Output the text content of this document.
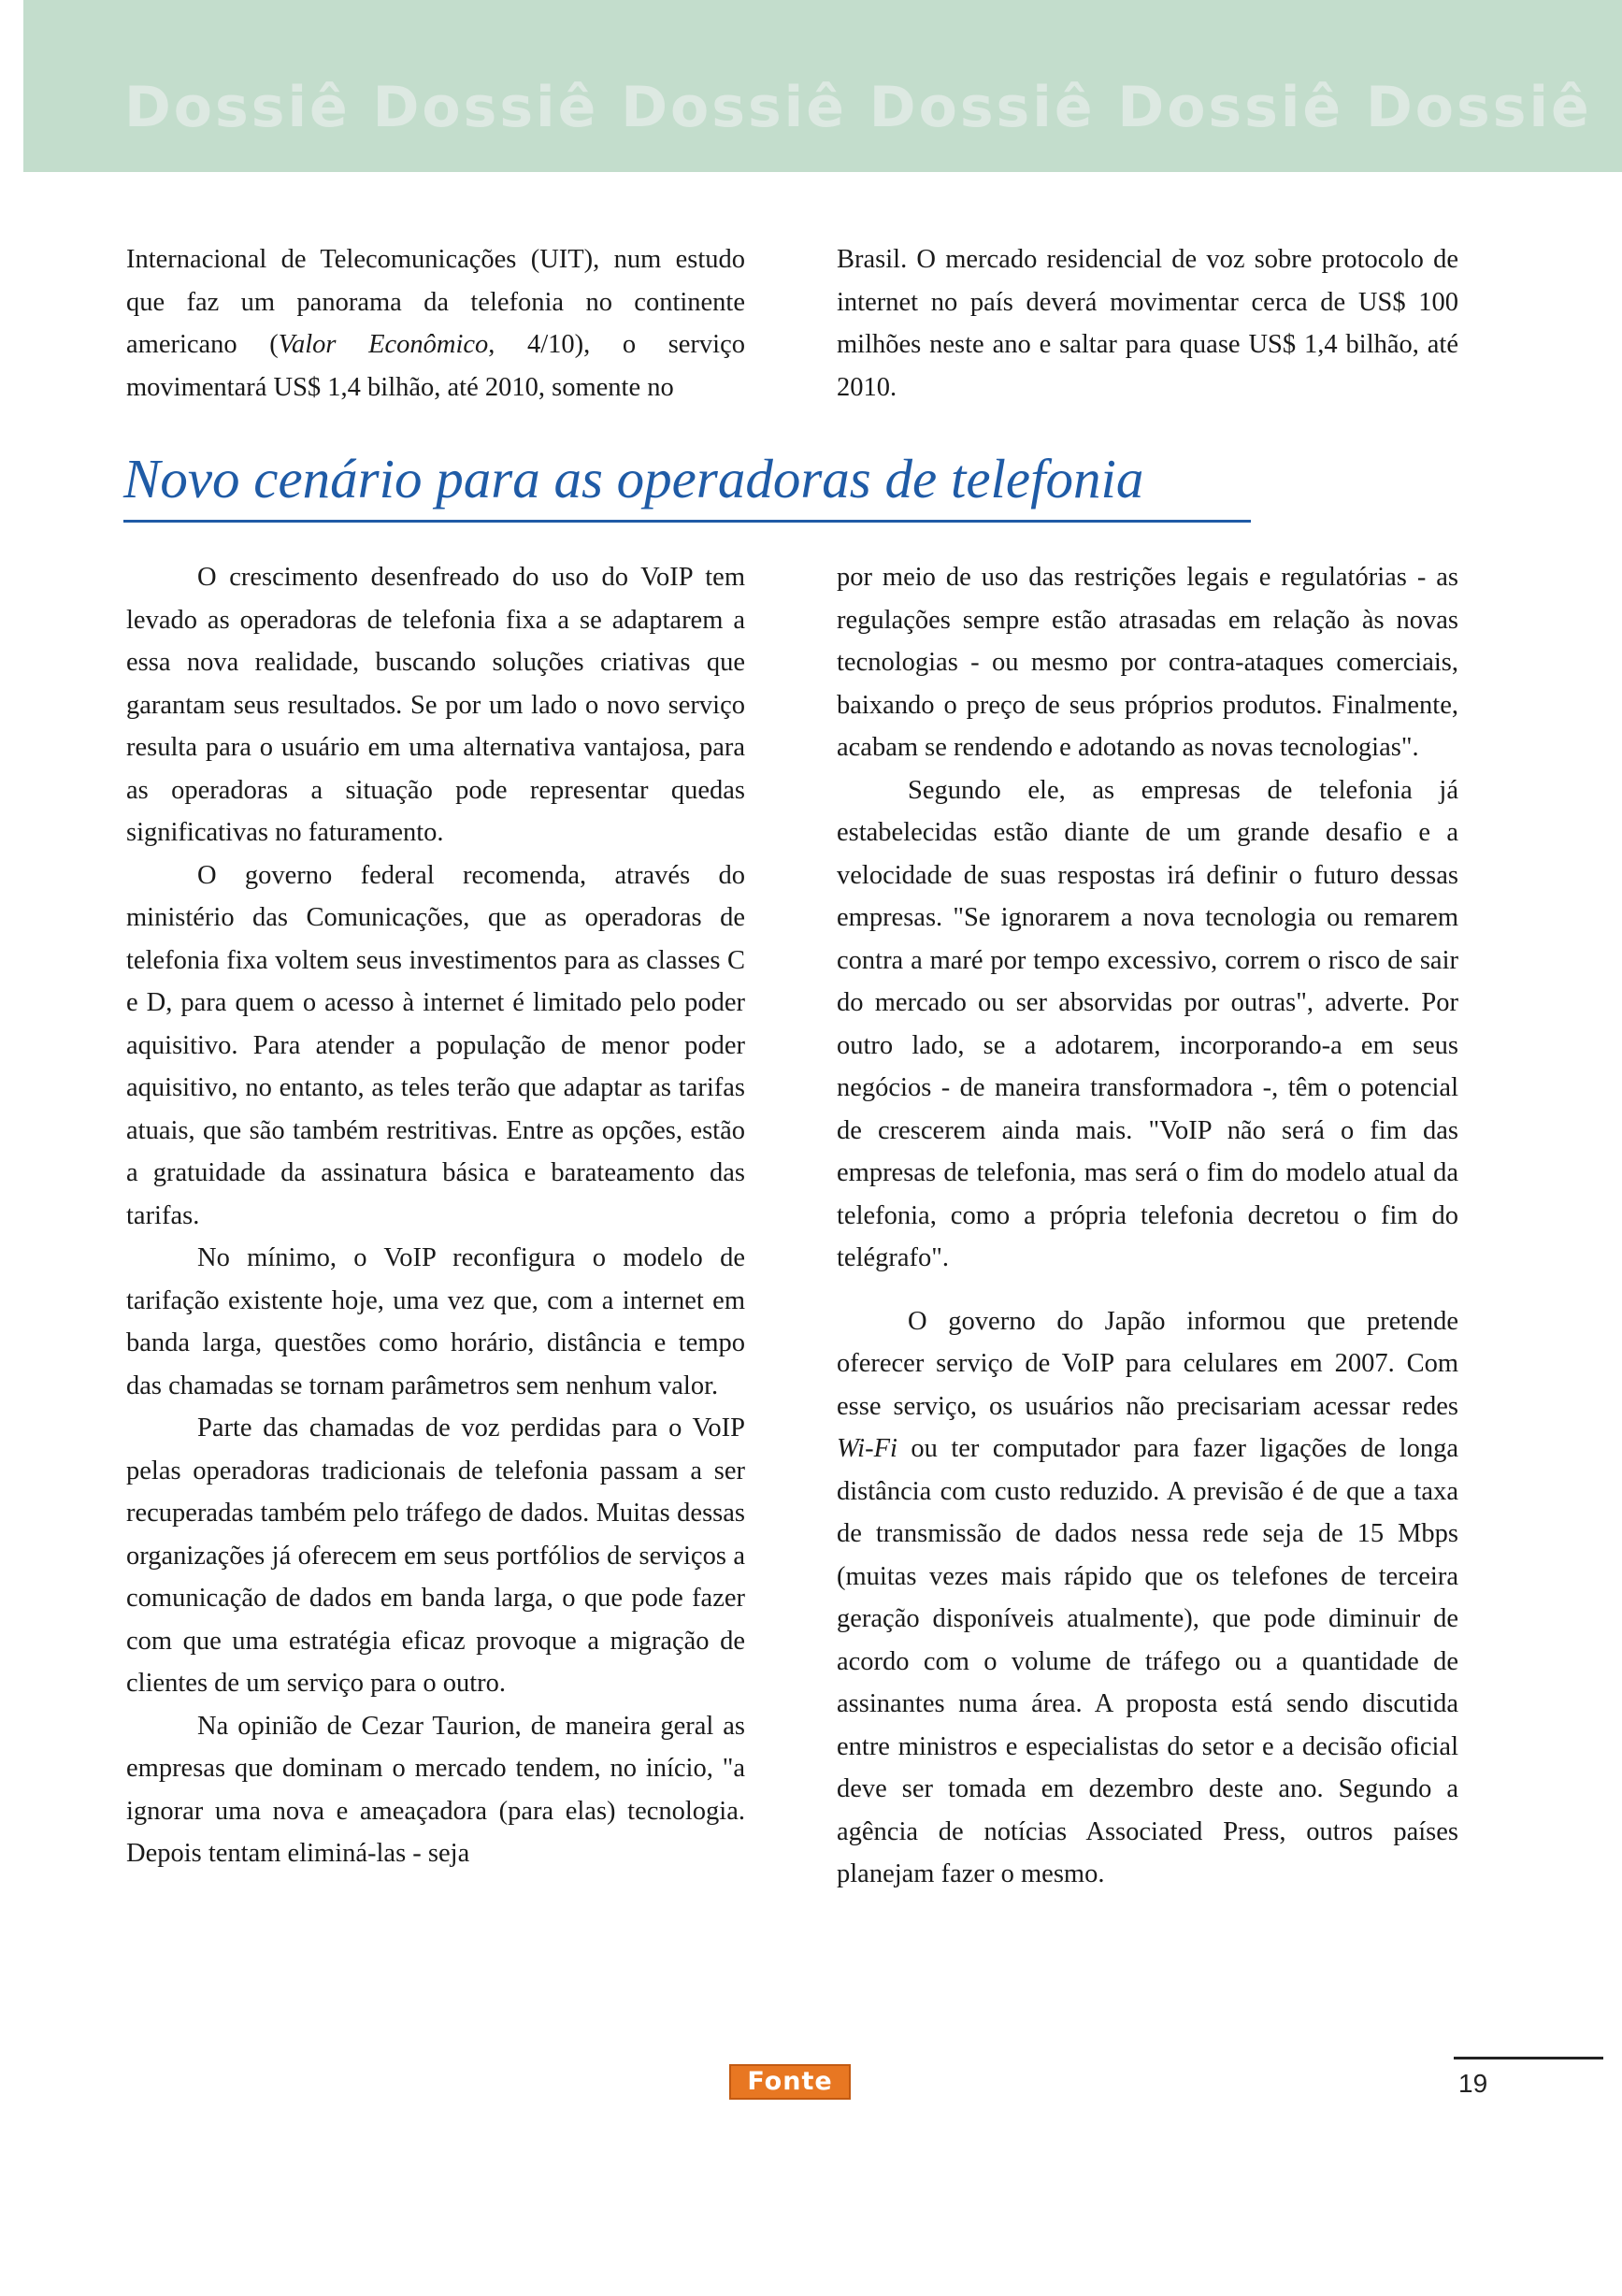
Dossiê Dossiê Dossiê Dossiê Dossiê Dossiê

Internacional de Telecomunicações (UIT), num estudo que faz um panorama da telefonia no continente americano (Valor Econômico, 4/10), o serviço movimentará US$ 1,4 bilhão, até 2010, somente no

Brasil. O mercado residencial de voz sobre protocolo de internet no país deverá movimentar cerca de US$ 100 milhões neste ano e saltar para quase US$ 1,4 bilhão, até 2010.

Novo cenário para as operadoras de telefonia

O crescimento desenfreado do uso do VoIP tem levado as operadoras de telefonia fixa a se adaptarem a essa nova realidade, buscando soluções criativas que garantam seus resultados. Se por um lado o novo serviço resulta para o usuário em uma alternativa vantajosa, para as operadoras a situação pode representar quedas significativas no faturamento.

O governo federal recomenda, através do ministério das Comunicações, que as operadoras de telefonia fixa voltem seus investimentos para as classes C e D, para quem o acesso à internet é limitado pelo poder aquisitivo. Para atender a população de menor poder aquisitivo, no entanto, as teles terão que adaptar as tarifas atuais, que são também restritivas. Entre as opções, estão a gratuidade da assinatura básica e barateamento das tarifas.

No mínimo, o VoIP reconfigura o modelo de tarifação existente hoje, uma vez que, com a internet em banda larga, questões como horário, distância e tempo das chamadas se tornam parâmetros sem nenhum valor.

Parte das chamadas de voz perdidas para o VoIP pelas operadoras tradicionais de telefonia passam a ser recuperadas também pelo tráfego de dados. Muitas dessas organizações já oferecem em seus portfólios de serviços a comunicação de dados em banda larga, o que pode fazer com que uma estratégia eficaz provoque a migração de clientes de um serviço para o outro.

Na opinião de Cezar Taurion, de maneira geral as empresas que dominam o mercado tendem, no início, "a ignorar uma nova e ameaçadora (para elas) tecnologia. Depois tentam eliminá-las - seja

por meio de uso das restrições legais e regulatórias - as regulações sempre estão atrasadas em relação às novas tecnologias - ou mesmo por contra-ataques comerciais, baixando o preço de seus próprios produtos. Finalmente, acabam se rendendo e adotando as novas tecnologias".

Segundo ele, as empresas de telefonia já estabelecidas estão diante de um grande desafio e a velocidade de suas respostas irá definir o futuro dessas empresas. "Se ignorarem a nova tecnologia ou remarem contra a maré por tempo excessivo, correm o risco de sair do mercado ou ser absorvidas por outras", adverte. Por outro lado, se a adotarem, incorporando-a em seus negócios - de maneira transformadora -, têm o potencial de crescerem ainda mais. "VoIP não será o fim das empresas de telefonia, mas será o fim do modelo atual da telefonia, como a própria telefonia decretou o fim do telégrafo".

O governo do Japão informou que pretende oferecer serviço de VoIP para celulares em 2007. Com esse serviço, os usuários não precisariam acessar redes Wi-Fi ou ter computador para fazer ligações de longa distância com custo reduzido. A previsão é de que a taxa de transmissão de dados nessa rede seja de 15 Mbps (muitas vezes mais rápido que os telefones de terceira geração disponíveis atualmente), que pode diminuir de acordo com o volume de tráfego ou a quantidade de assinantes numa área. A proposta está sendo discutida entre ministros e especialistas do setor e a decisão oficial deve ser tomada em dezembro deste ano. Segundo a agência de notícias Associated Press, outros países planejam fazer o mesmo.

Fonte	19
